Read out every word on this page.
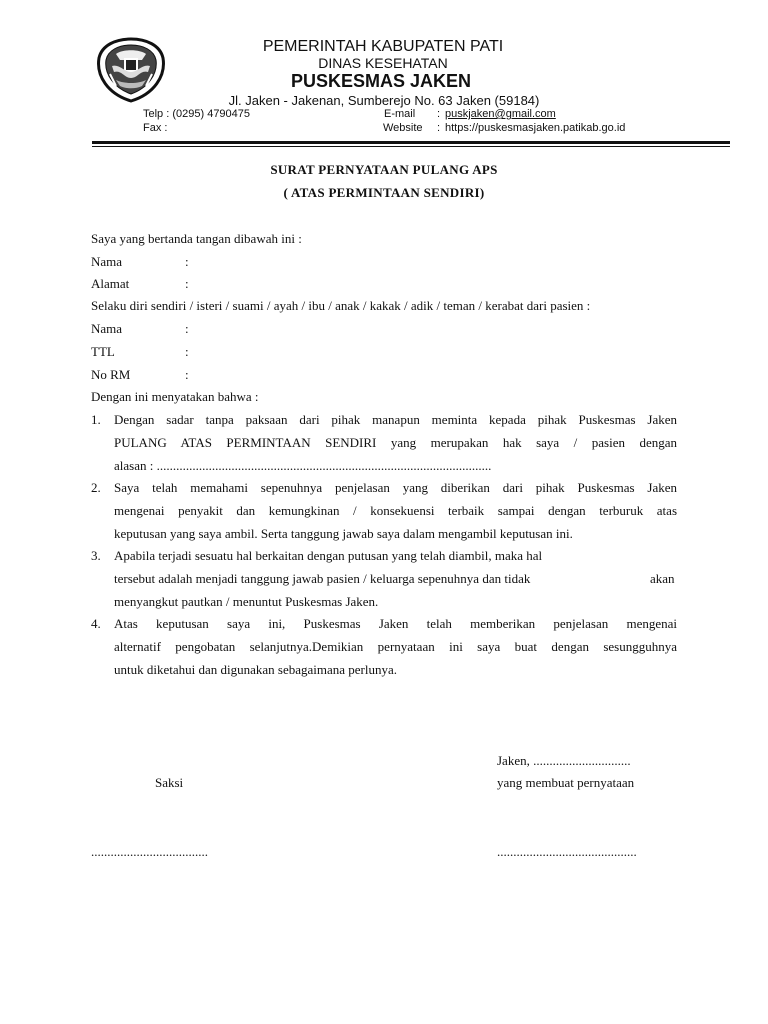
PEMERINTAH KABUPATEN PATI
DINAS KESEHATAN
PUSKESMAS JAKEN
Jl. Jaken - Jakenan, Sumberejo No. 63 Jaken (59184)
Telp : (0295) 4790475
Fax :
E-mail : puskjaken@gmail.com
Website : https://puskesmasjaken.patikab.go.id
SURAT PERNYATAAN PULANG APS
( ATAS PERMINTAAN SENDIRI)
Saya yang bertanda tangan dibawah ini :
Nama	:
Alamat	:
Selaku diri sendiri / isteri / suami / ayah / ibu / anak / kakak / adik / teman / kerabat dari pasien :
Nama	:
TTL	:
No RM	:
Dengan ini menyatakan bahwa :
1. Dengan sadar tanpa paksaan dari pihak manapun meminta kepada pihak Puskesmas Jaken
PULANG ATAS PERMINTAAN SENDIRI yang merupakan hak saya / pasien dengan
alasan : .......................................................................................................
2. Saya telah memahami sepenuhnya penjelasan yang diberikan dari pihak Puskesmas Jaken
mengenai penyakit dan kemungkinan / konsekuensi terbaik sampai dengan terburuk atas
keputusan yang saya ambil. Serta tanggung jawab saya dalam mengambil keputusan ini.
3. Apabila terjadi sesuatu hal berkaitan dengan putusan yang telah diambil, maka hal
tersebut adalah menjadi tanggung jawab pasien / keluarga sepenuhnya dan tidak	akan
menyangkut pautkan / menuntut Puskesmas Jaken.
4. Atas keputusan saya ini, Puskesmas Jaken telah memberikan penjelasan mengenai
alternatif pengobatan selanjutnya.Demikian pernyataan ini saya buat dengan sesungguhnya
untuk diketahui dan digunakan sebagaimana perlunya.
Jaken, ..............................
Saksi	yang membuat pernyataan
....................................	...........................................
